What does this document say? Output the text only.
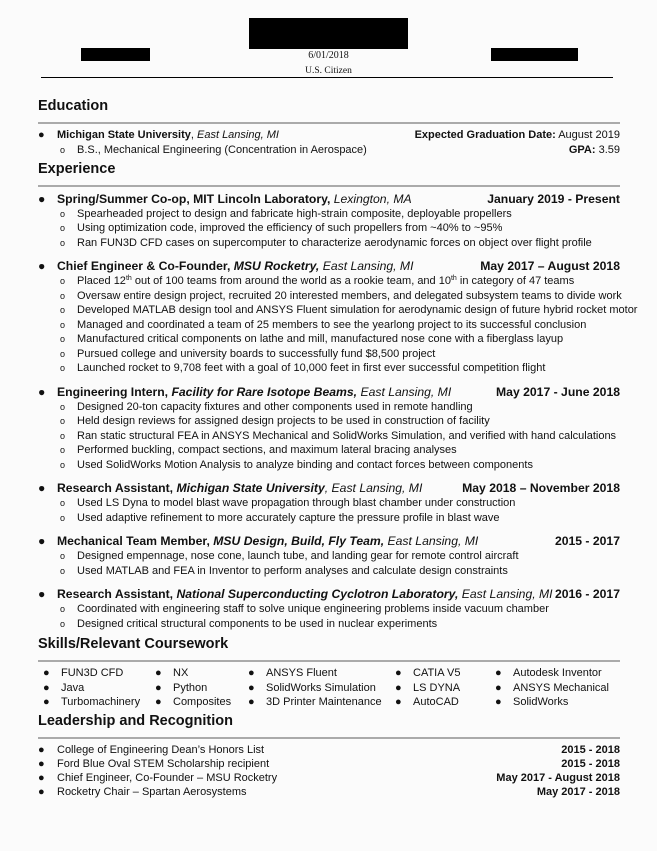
6/01/2018
U.S. Citizen
Education
● Michigan State University, East Lansing, MI	Expected Graduation Date: August 2019
o B.S., Mechanical Engineering (Concentration in Aerospace)	GPA: 3.59
Experience
● Spring/Summer Co-op, MIT Lincoln Laboratory, Lexington, MA	January 2019 - Present
o Spearheaded project to design and fabricate high-strain composite, deployable propellers
o Using optimization code, improved the efficiency of such propellers from ~40% to ~95%
o Ran FUN3D CFD cases on supercomputer to characterize aerodynamic forces on object over flight profile
● Chief Engineer & Co-Founder, MSU Rocketry, East Lansing, MI	May 2017 – August 2018
o Placed 12th out of 100 teams from around the world as a rookie team, and 10th in category of 47 teams
o Oversaw entire design project, recruited 20 interested members, and delegated subsystem teams to divide work
o Developed MATLAB design tool and ANSYS Fluent simulation for aerodynamic design of future hybrid rocket motor
o Managed and coordinated a team of 25 members to see the yearlong project to its successful conclusion
o Manufactured critical components on lathe and mill, manufactured nose cone with a fiberglass layup
o Pursued college and university boards to successfully fund $8,500 project
o Launched rocket to 9,708 feet with a goal of 10,000 feet in first ever successful competition flight
● Engineering Intern, Facility for Rare Isotope Beams, East Lansing, MI	May 2017 - June 2018
o Designed 20-ton capacity fixtures and other components used in remote handling
o Held design reviews for assigned design projects to be used in construction of facility
o Ran static structural FEA in ANSYS Mechanical and SolidWorks Simulation, and verified with hand calculations
o Performed buckling, compact sections, and maximum lateral bracing analyses
o Used SolidWorks Motion Analysis to analyze binding and contact forces between components
● Research Assistant, Michigan State University, East Lansing, MI	May 2018 – November 2018
o Used LS Dyna to model blast wave propagation through blast chamber under construction
o Used adaptive refinement to more accurately capture the pressure profile in blast wave
● Mechanical Team Member, MSU Design, Build, Fly Team, East Lansing, MI	2015 - 2017
o Designed empennage, nose cone, launch tube, and landing gear for remote control aircraft
o Used MATLAB and FEA in Inventor to perform analyses and calculate design constraints
● Research Assistant, National Superconducting Cyclotron Laboratory, East Lansing, MI 2016 - 2017
o Coordinated with engineering staff to solve unique engineering problems inside vacuum chamber
o Designed critical structural components to be used in nuclear experiments
Skills/Relevant Coursework
● FUN3D CFD	● NX	● ANSYS Fluent	● CATIA V5	● Autodesk Inventor
● Java	● Python	● SolidWorks Simulation	● LS DYNA	● ANSYS Mechanical
● Turbomachinery	● Composites	● 3D Printer Maintenance	● AutoCAD	● SolidWorks
Leadership and Recognition
● College of Engineering Dean’s Honors List	2015 - 2018
● Ford Blue Oval STEM Scholarship recipient	2015 - 2018
● Chief Engineer, Co-Founder – MSU Rocketry	May 2017 - August 2018
● Rocketry Chair – Spartan Aerosystems	May 2017 - 2018
